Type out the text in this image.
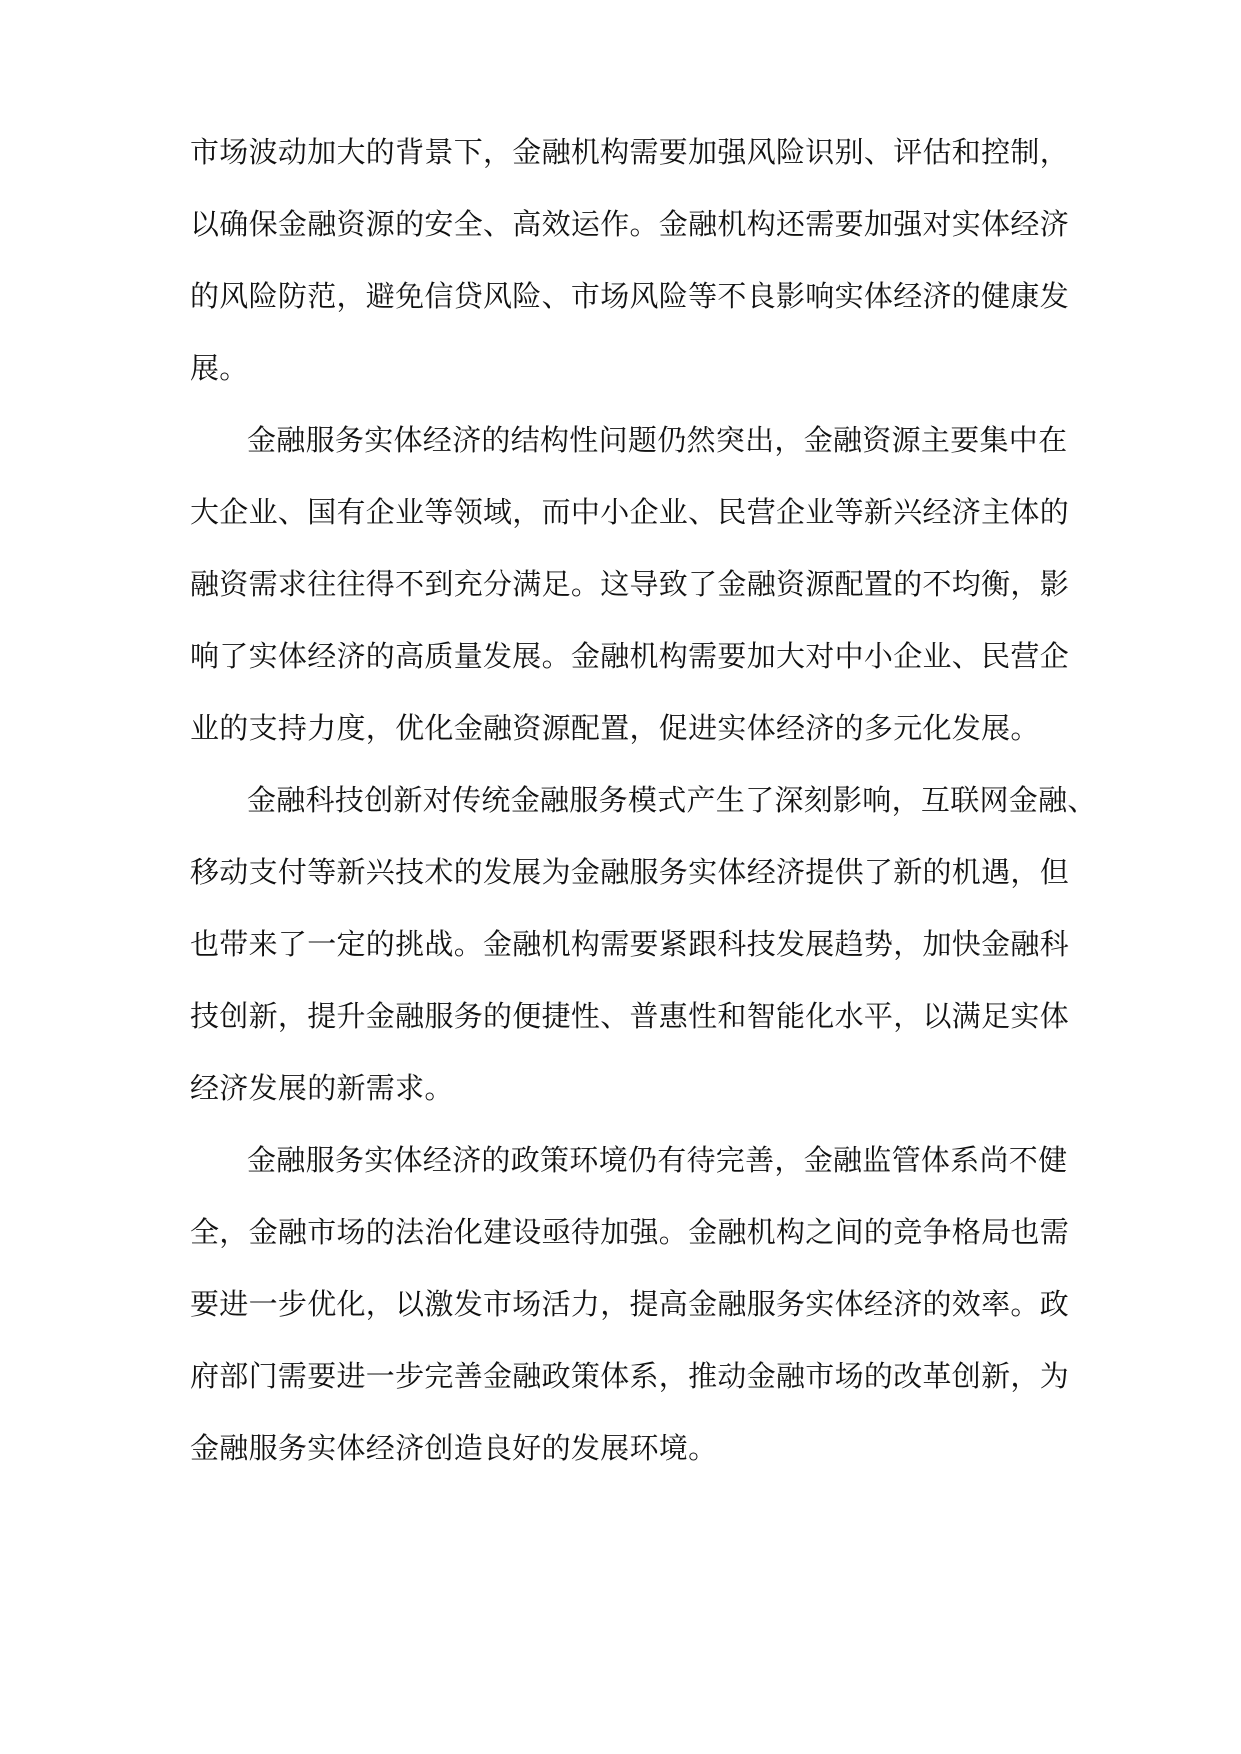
市场波动加大的背景下，金融机构需要加强风险识别、评估和控制，
以确保金融资源的安全、高效运作。金融机构还需要加强对实体经济
的风险防范，避免信贷风险、市场风险等不良影响实体经济的健康发
展。
金融服务实体经济的结构性问题仍然突出，金融资源主要集中在
大企业、国有企业等领域，而中小企业、民营企业等新兴经济主体的
融资需求往往得不到充分满足。这导致了金融资源配置的不均衡，影
响了实体经济的高质量发展。金融机构需要加大对中小企业、民营企
业的支持力度，优化金融资源配置，促进实体经济的多元化发展。
金融科技创新对传统金融服务模式产生了深刻影响，互联网金融、
移动支付等新兴技术的发展为金融服务实体经济提供了新的机遇，但
也带来了一定的挑战。金融机构需要紧跟科技发展趋势，加快金融科
技创新，提升金融服务的便捷性、普惠性和智能化水平，以满足实体
经济发展的新需求。
金融服务实体经济的政策环境仍有待完善，金融监管体系尚不健
全，金融市场的法治化建设亟待加强。金融机构之间的竞争格局也需
要进一步优化，以激发市场活力，提高金融服务实体经济的效率。政
府部门需要进一步完善金融政策体系，推动金融市场的改革创新，为
金融服务实体经济创造良好的发展环境。
